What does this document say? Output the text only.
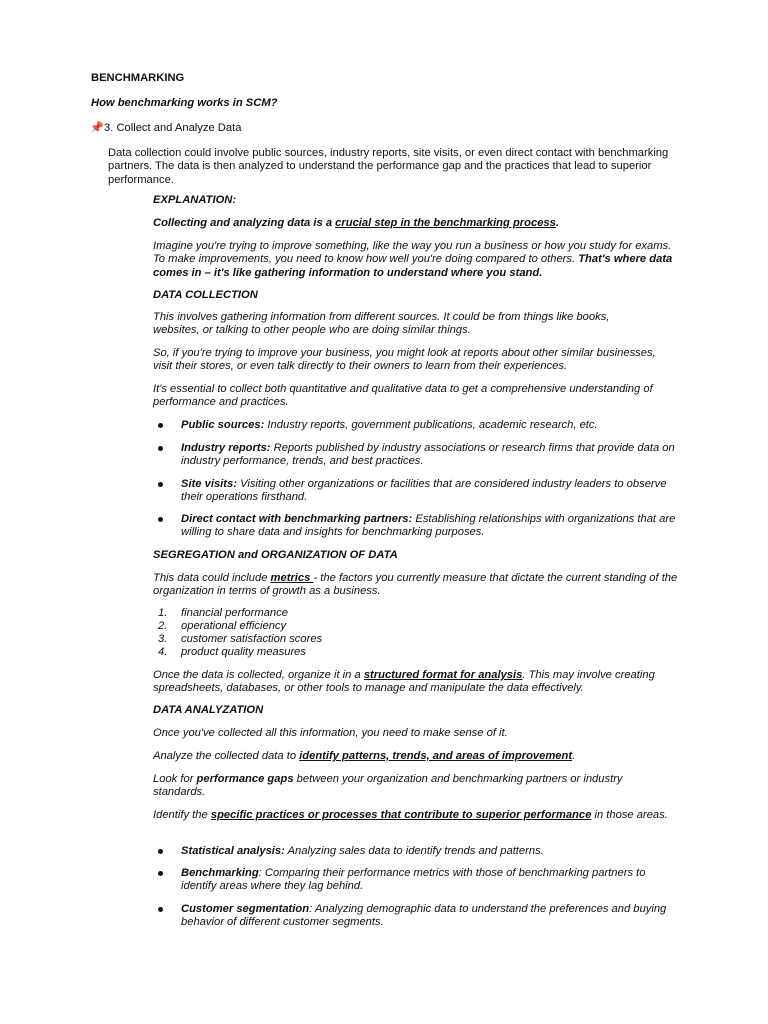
BENCHMARKING

How benchmarking works in SCM?

📌3. Collect and Analyze Data

Data collection could involve public sources, industry reports, site visits, or even direct contact with benchmarking partners. The data is then analyzed to understand the performance gap and the practices that lead to superior performance.

EXPLANATION:

Collecting and analyzing data is a crucial step in the benchmarking process.

Imagine you're trying to improve something, like the way you run a business or how you study for exams. To make improvements, you need to know how well you're doing compared to others. That's where data comes in – it's like gathering information to understand where you stand.

DATA COLLECTION

This involves gathering information from different sources. It could be from things like books, websites, or talking to other people who are doing similar things.

So, if you're trying to improve your business, you might look at reports about other similar businesses, visit their stores, or even talk directly to their owners to learn from their experiences.

It's essential to collect both quantitative and qualitative data to get a comprehensive understanding of performance and practices.

Public sources: Industry reports, government publications, academic research, etc.

Industry reports: Reports published by industry associations or research firms that provide data on industry performance, trends, and best practices.

Site visits: Visiting other organizations or facilities that are considered industry leaders to observe their operations firsthand.

Direct contact with benchmarking partners: Establishing relationships with organizations that are willing to share data and insights for benchmarking purposes.

SEGREGATION and ORGANIZATION OF DATA

This data could include metrics - the factors you currently measure that dictate the current standing of the organization in terms of growth as a business.

1.	financial performance

2.	operational efficiency

3.	customer satisfaction scores

4.	product quality measures

Once the data is collected, organize it in a structured format for analysis. This may involve creating spreadsheets, databases, or other tools to manage and manipulate the data effectively.

DATA ANALYZATION

Once you've collected all this information, you need to make sense of it.

Analyze the collected data to identify patterns, trends, and areas of improvement.

Look for performance gaps between your organization and benchmarking partners or industry standards.

Identify the specific practices or processes that contribute to superior performance in those areas.

Statistical analysis: Analyzing sales data to identify trends and patterns.

Benchmarking: Comparing their performance metrics with those of benchmarking partners to identify areas where they lag behind.

Customer segmentation: Analyzing demographic data to understand the preferences and buying behavior of different customer segments.
